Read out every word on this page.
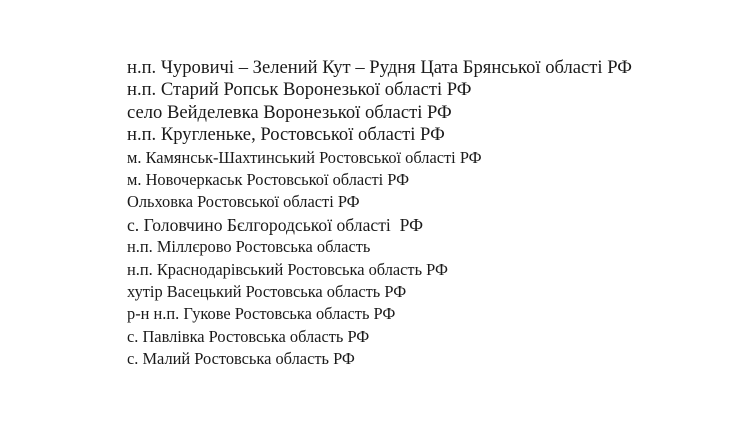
н.п. Чуровичі – Зелений Кут – Рудня Цата Брянської області РФ
н.п. Старий Ропськ Воронезької області РФ
село Вейделевка Воронезької області РФ
н.п. Кругленьке, Ростовської області РФ
м. Камянськ-Шахтинський Ростовської області РФ
м. Новочеркаськ Ростовської області РФ
Ольховка Ростовської області РФ
с. Головчино Бєлгородської області  РФ
н.п. Міллєрово Ростовська область
н.п. Краснодарівський Ростовська область РФ
хутір Васецький Ростовська область РФ
р-н н.п. Гукове Ростовська область РФ
с. Павлівка Ростовська область РФ
с. Малий Ростовська область РФ
